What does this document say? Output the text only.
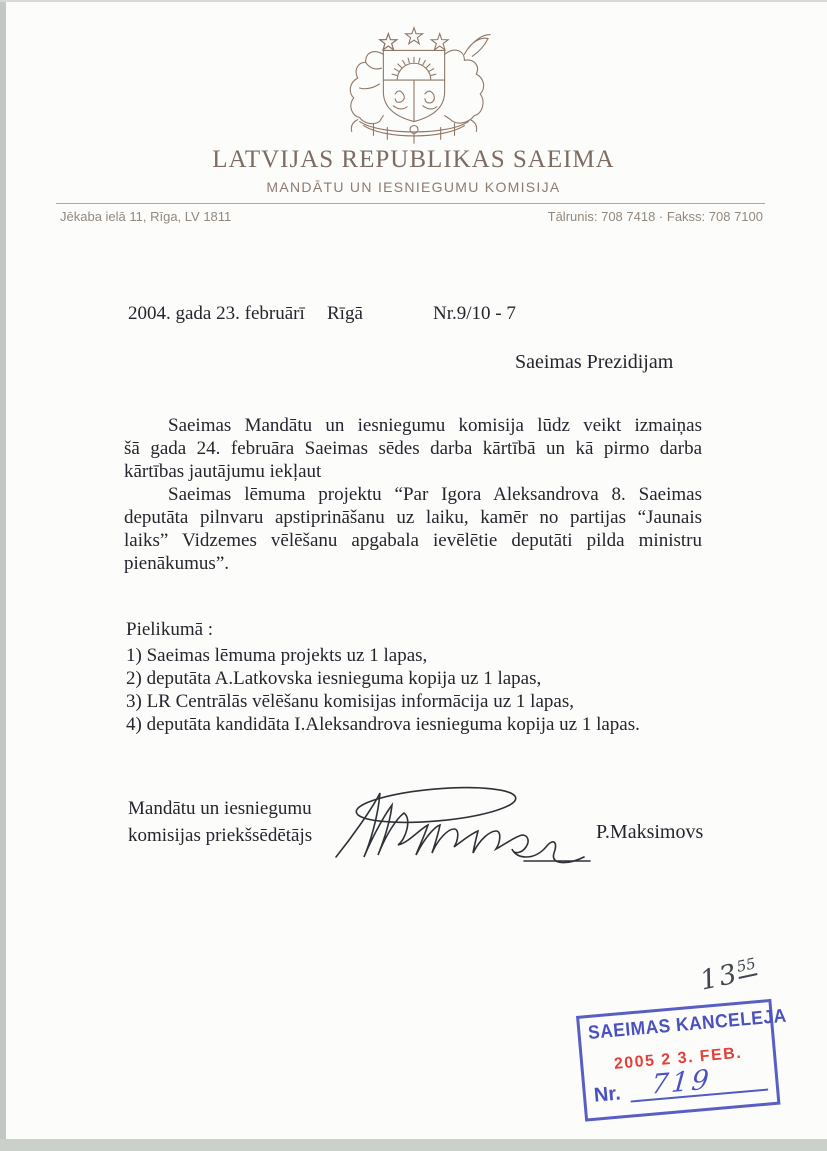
LATVIJAS REPUBLIKAS SAEIMA
MANDĀTU UN IESNIEGUMU KOMISIJA
Jēkaba ielā 11, Rīga, LV 1811	Tālrunis: 708 7418 · Fakss: 708 7100
2004. gada 23. februārī Rīgā	Nr.9/10 - 7
Saeimas Prezidijam
Saeimas Mandātu un iesniegumu komisija lūdz veikt izmaiņas
šā gada 24. februāra Saeimas sēdes darba kārtībā un kā pirmo darba
kārtības jautājumu iekļaut
Saeimas lēmuma projektu “Par Igora Aleksandrova 8. Saeimas
deputāta pilnvaru apstiprināšanu uz laiku, kamēr no partijas “Jaunais
laiks” Vidzemes vēlēšanu apgabala ievēlētie deputāti pilda ministru
pienākumus”.
Pielikumā :
1) Saeimas lēmuma projekts uz 1 lapas,
2) deputāta A.Latkovska iesnieguma kopija uz 1 lapas,
3) LR Centrālās vēlēšanu komisijas informācija uz 1 lapas,
4) deputāta kandidāta I.Aleksandrova iesnieguma kopija uz 1 lapas.
Mandātu un iesniegumu
komisijas priekšsēdētājs	P.Maksimovs
$13^{55}$
SAEIMAS KANCELEJA
2005 2 3. FEB.
Nr. 719
